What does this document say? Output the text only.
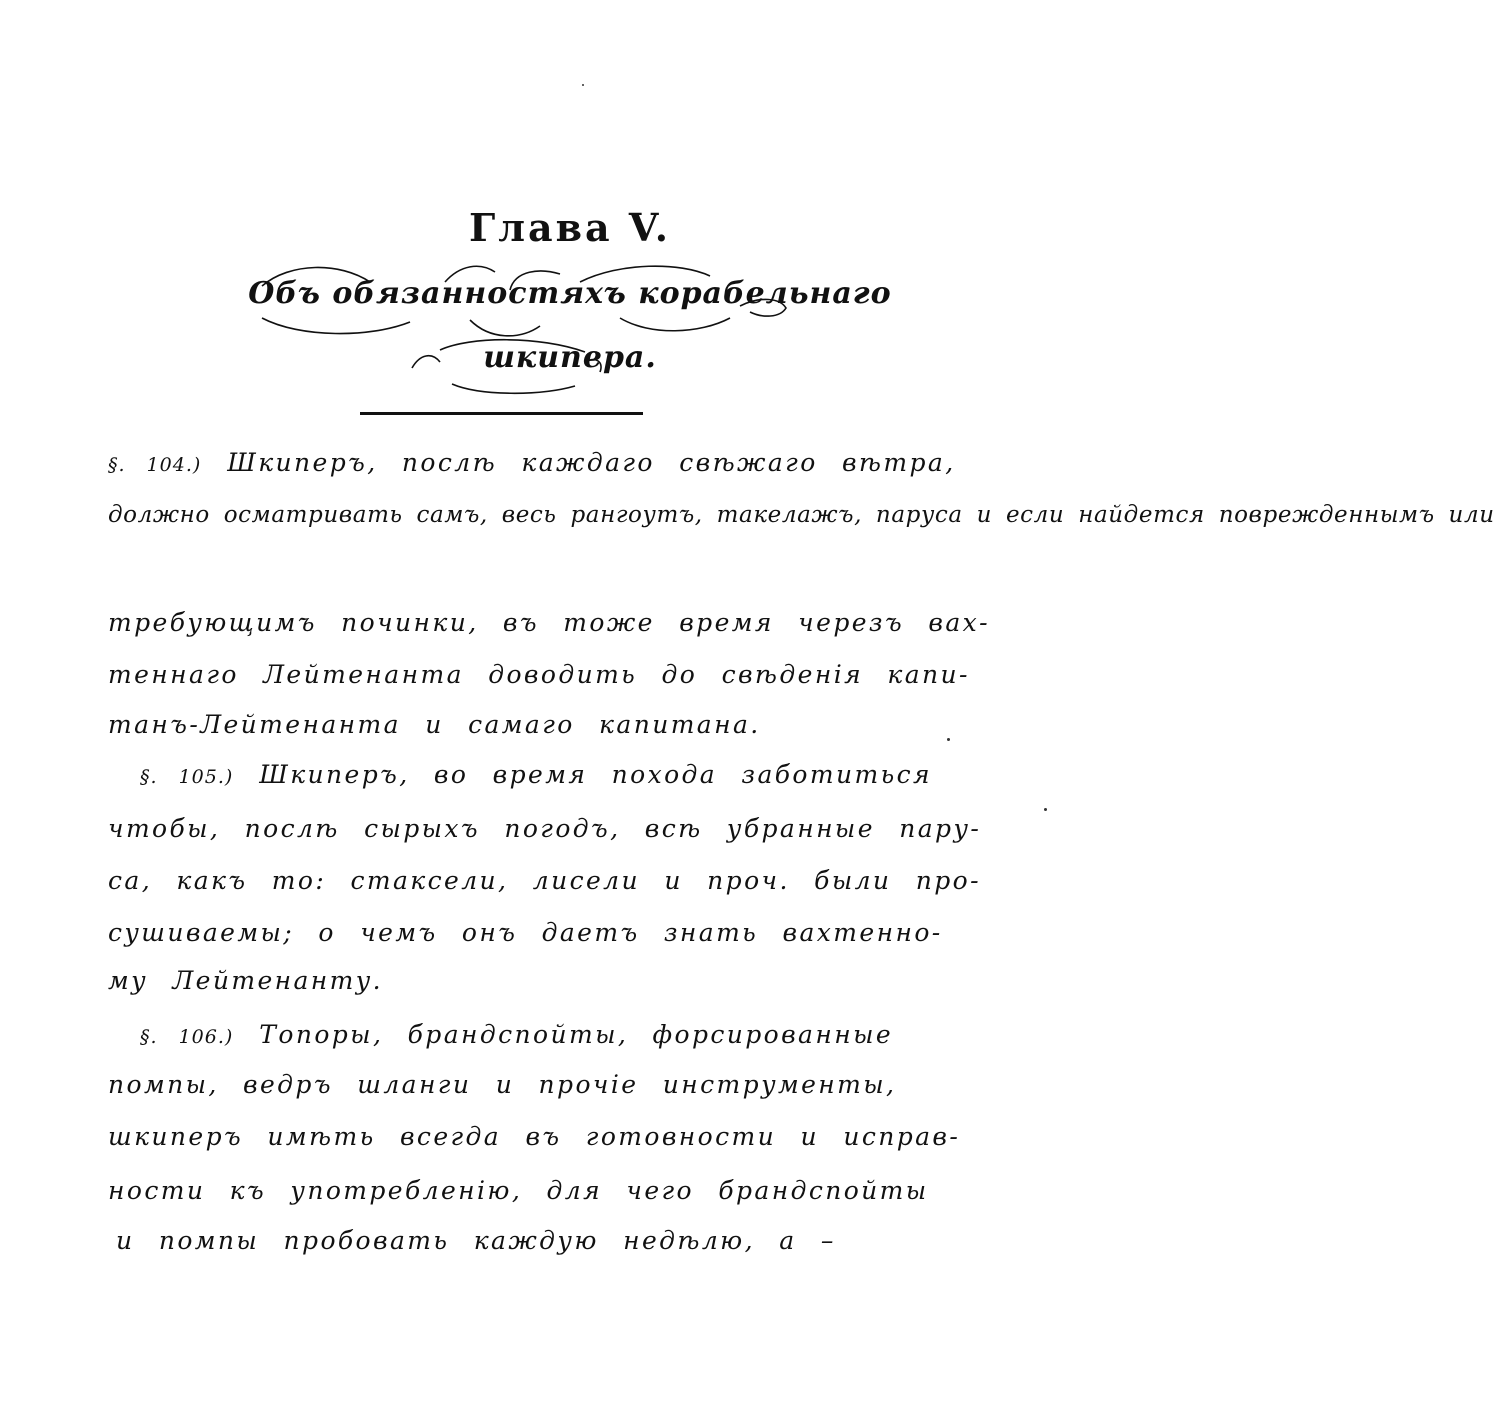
Глава V.
Объ обязанностяхъ корабельнаго
шкипера.
§. 104.) Шкиперъ, послѣ каждаго свѣжаго вѣтра,
должно осматривать самъ, весь рангоутъ, такелажъ, паруса и если найдется поврежденнымъ или
требующимъ починки, въ тоже время черезъ вах-
теннаго Лейтенанта доводить до свѣденія капи-
танъ-Лейтенанта и самаго капитана.
§. 105.) Шкиперъ, во время похода заботиться
чтобы, послѣ сырыхъ погодъ, всѣ убранные пару-
са, какъ то: стаксели, лисели и проч. были про-
сушиваемы; о чемъ онъ даетъ знать вахтенно-
му Лейтенанту.
§. 106.) Топоры, брандспойты, форсированные
помпы, ведръ шланги и прочіе инструменты,
шкиперъ имѣть всегда въ готовности и исправ-
ности къ употребленію, для чего брандспойты
и помпы пробовать каждую недѣлю, а –
